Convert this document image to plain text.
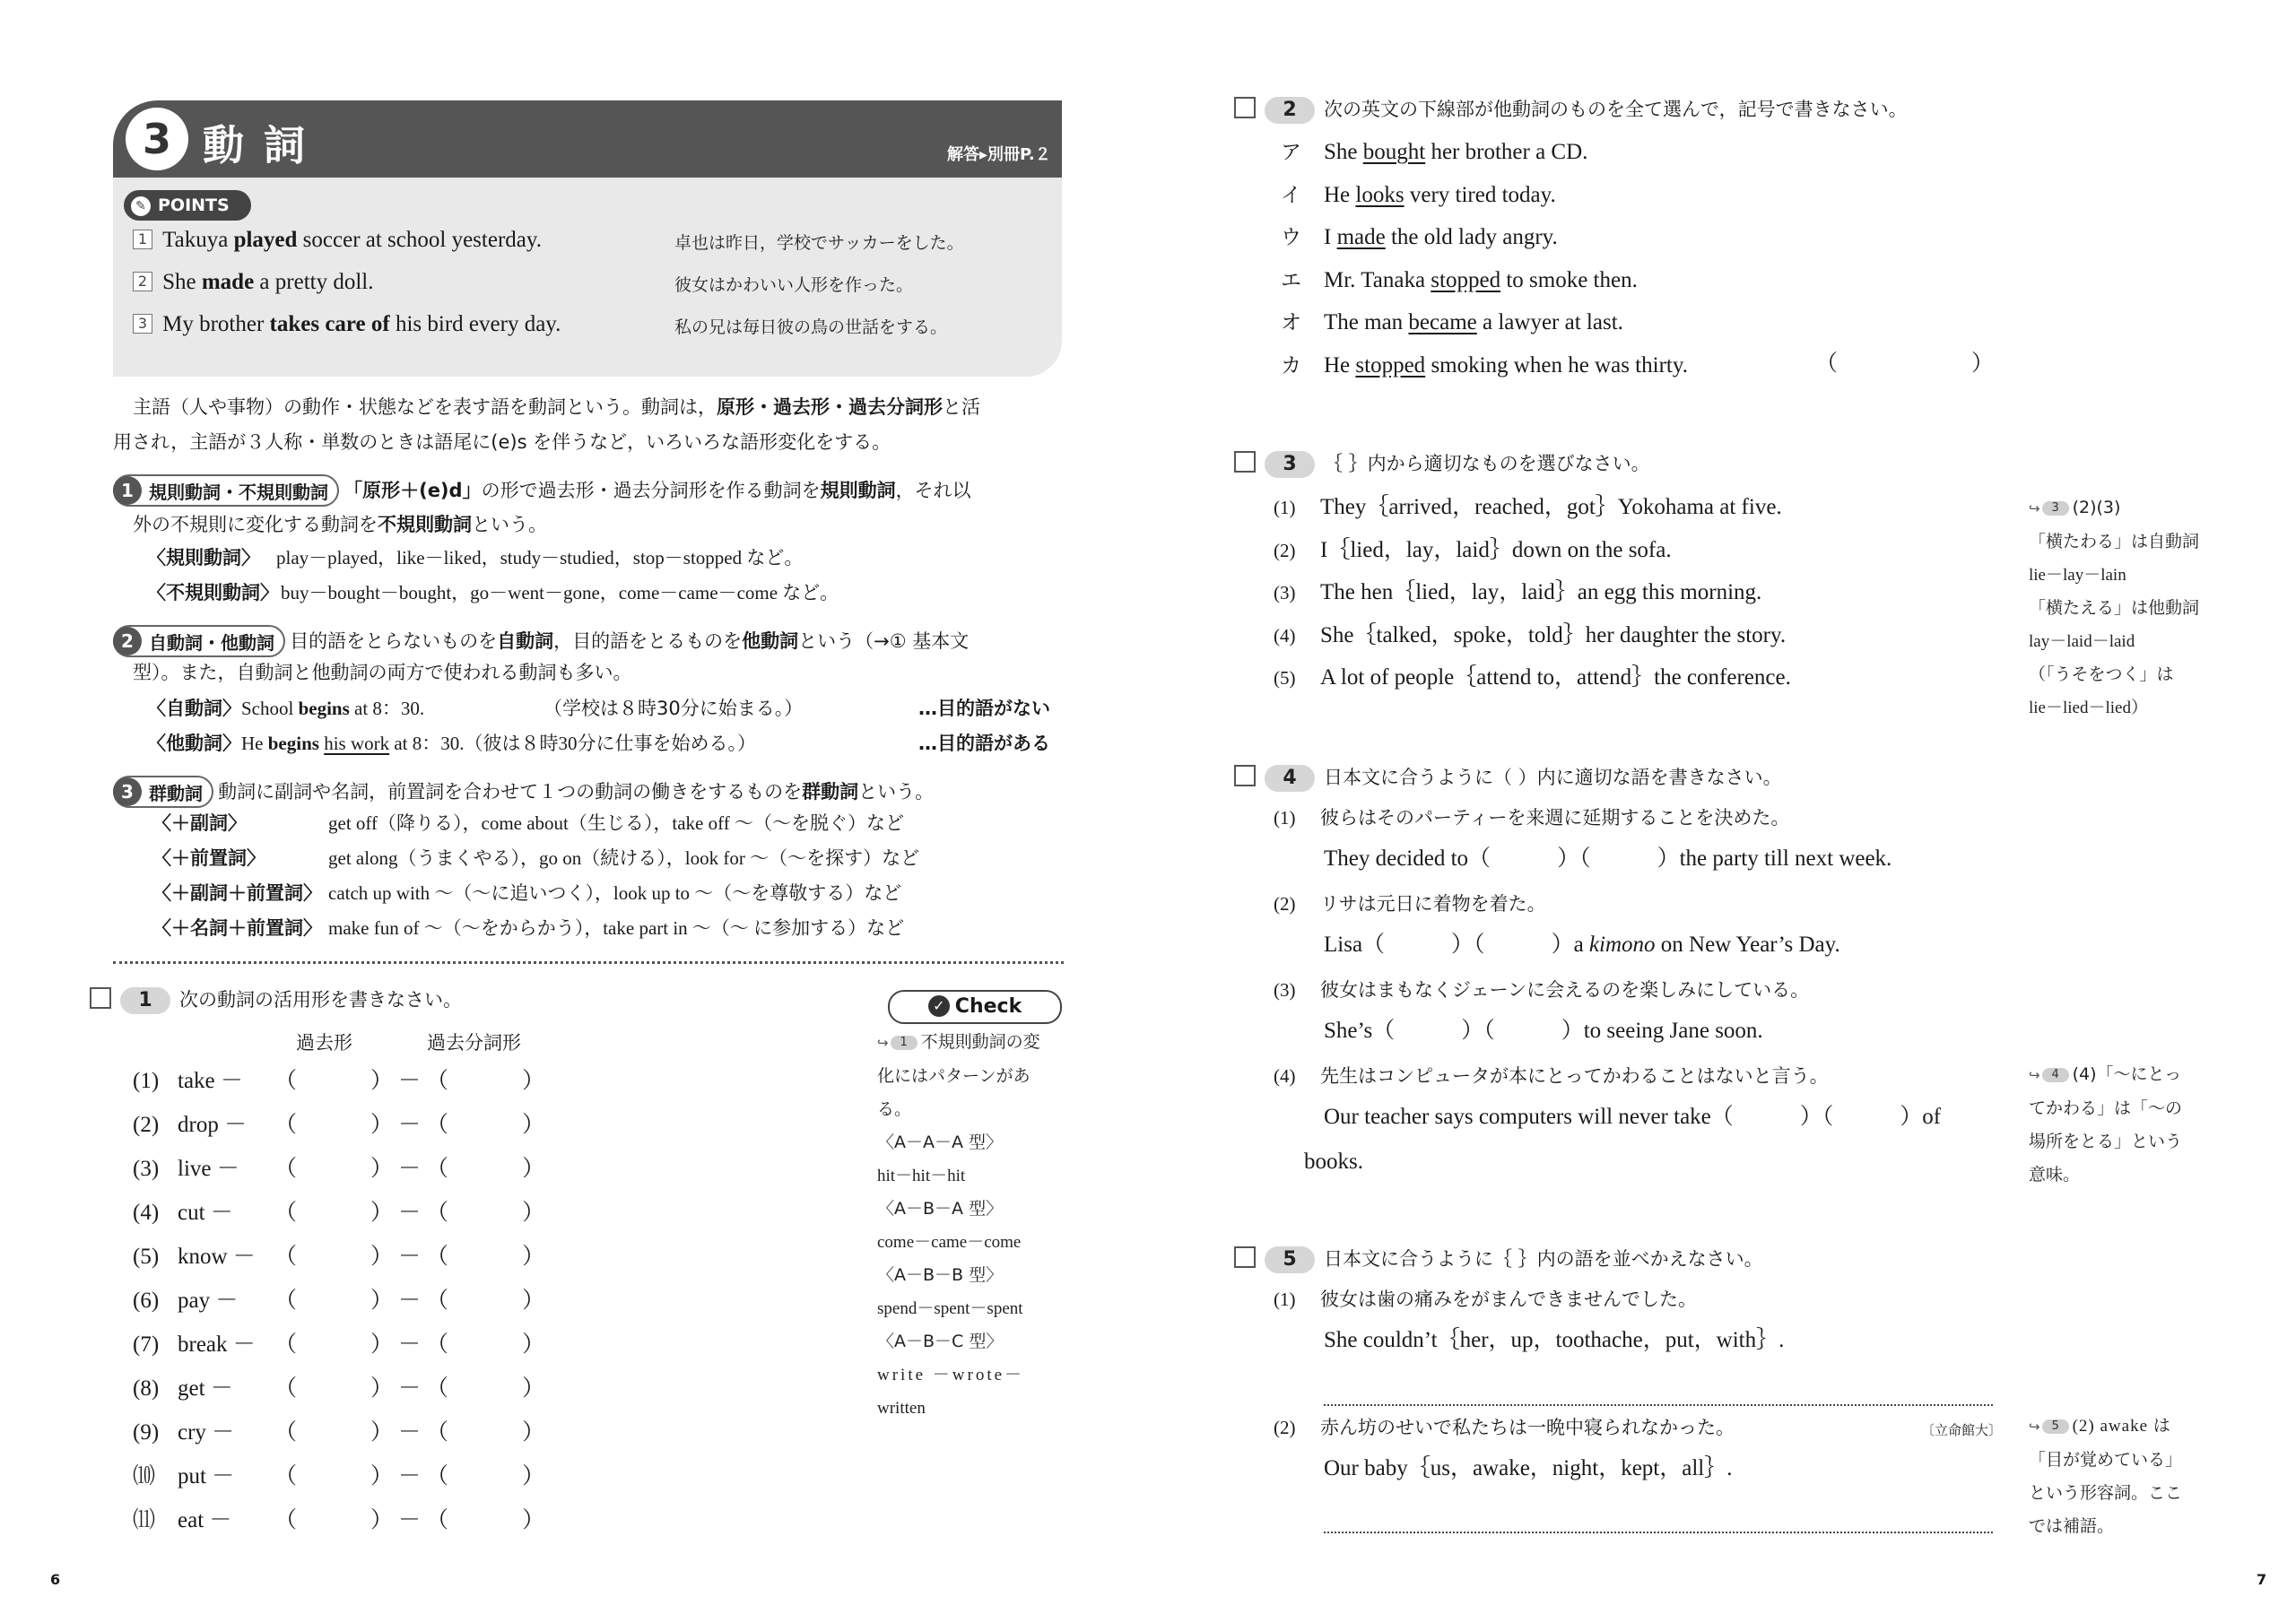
3 動詞	解答▸別冊P.２
✎ POINTS
1 Takuya played soccer at school yesterday.	卓也は昨日，学校でサッカーをした。
2 She made a pretty doll.	彼女はかわいい人形を作った。
3 My brother takes care of his bird every day.	私の兄は毎日彼の鳥の世話をする。
主語（人や事物）の動作・状態などを表す語を動詞という。動詞は，原形・過去形・過去分詞形と活
用され，主語が３人称・単数のときは語尾に(e)s を伴うなど，いろいろな語形変化をする。
1 規則動詞・不規則動詞 「原形＋(e)d」の形で過去形・過去分詞形を作る動詞を規則動詞，それ以
外の不規則に変化する動詞を不規則動詞という。
〈規則動詞〉 play－played，like－liked，study－studied，stop－stopped など。
〈不規則動詞〉buy－bought－bought，go－went－gone，come－came－come など。
2 自動詞・他動詞 目的語をとらないものを自動詞，目的語をとるものを他動詞という（→① 基本文
型）。また，自動詞と他動詞の両方で使われる動詞も多い。
〈自動詞〉School begins at 8：30.	（学校は８時30分に始まる。）	…目的語がない
〈他動詞〉He begins his work at 8：30.（彼は８時30分に仕事を始める。）	…目的語がある
3 群動詞 動詞に副詞や名詞，前置詞を合わせて１つの動詞の働きをするものを群動詞という。
〈＋副詞〉	get off（降りる），come about（生じる），take off ～（～を脱ぐ）など
〈＋前置詞〉	get along（うまくやる），go on（続ける），look for ～（～を探す）など
〈＋副詞＋前置詞〉 catch up with ～（～に追いつく），look up to ～（～を尊敬する）など
〈＋名詞＋前置詞〉 make fun of ～（～をからかう），take part in ～（～ に参加する）など
1 次の動詞の活用形を書きなさい。
過去形	過去分詞形
(1) take － （	） － （	）
(2) drop － （	） － （	）
(3) live － （	） － （	）
(4) cut － （	） － （	）
(5) know － （	） － （	）
(6) pay － （	） － （	）
(7) break － （	） － （	）
(8) get － （	） － （	）
(9) cry － （	） － （	）
⑽ put － （	） － （	）
⑾ eat － （	） － （	）
✓ Check
↪ 1 不規則動詞の変
化にはパターンがあ
る。
〈A－A－A 型〉
hit－hit－hit
〈A－B－A 型〉
come－came－come
〈A－B－B 型〉
spend－spent－spent
〈A－B－C 型〉
write －wrote－
written
6
2 次の英文の下線部が他動詞のものを全て選んで，記号で書きなさい。
ア She bought her brother a CD.
イ He looks very tired today.
ウ I made the old lady angry.
エ Mr. Tanaka stopped to smoke then.
オ The man became a lawyer at last.
カ He stopped smoking when he was thirty.	（	）
3 ｛ ｝内から適切なものを選びなさい。
(1) They｛arrived，reached，got｝Yokohama at five.
(2) I｛lied，lay，laid｝down on the sofa.
(3) The hen｛lied，lay，laid｝an egg this morning.
(4) She｛talked，spoke，told｝her daughter the story.
(5) A lot of people｛attend to，attend｝the conference.
↪ 3 (2)(3)
「横たわる」は自動詞
lie－lay－lain
「横たえる」は他動詞
lay－laid－laid
（「うそをつく」は
lie－lied－lied）
4 日本文に合うように（ ）内に適切な語を書きなさい。
(1) 彼らはそのパーティーを来週に延期することを決めた。
They decided to（	）（	）the party till next week.
(2) リサは元日に着物を着た。
Lisa（	）（	）a kimono on New Year’s Day.
(3) 彼女はまもなくジェーンに会えるのを楽しみにしている。
She’s（	）（	）to seeing Jane soon.
(4) 先生はコンピュータが本にとってかわることはないと言う。
Our teacher says computers will never take（	）（	）of
books.
↪ 4 (4)「～にとっ
てかわる」は「～の
場所をとる」という
意味。
5 日本文に合うように｛ ｝内の語を並べかえなさい。
(1) 彼女は歯の痛みをがまんできませんでした。
She couldn’t｛her，up，toothache，put，with｝.
(2) 赤ん坊のせいで私たちは一晩中寝られなかった。
Our baby｛us，awake，night，kept，all｝.
〔立命館大〕 ↪ 5 (2) awake は
「目が覚めている」
という形容詞。ここ
では補語。
7
